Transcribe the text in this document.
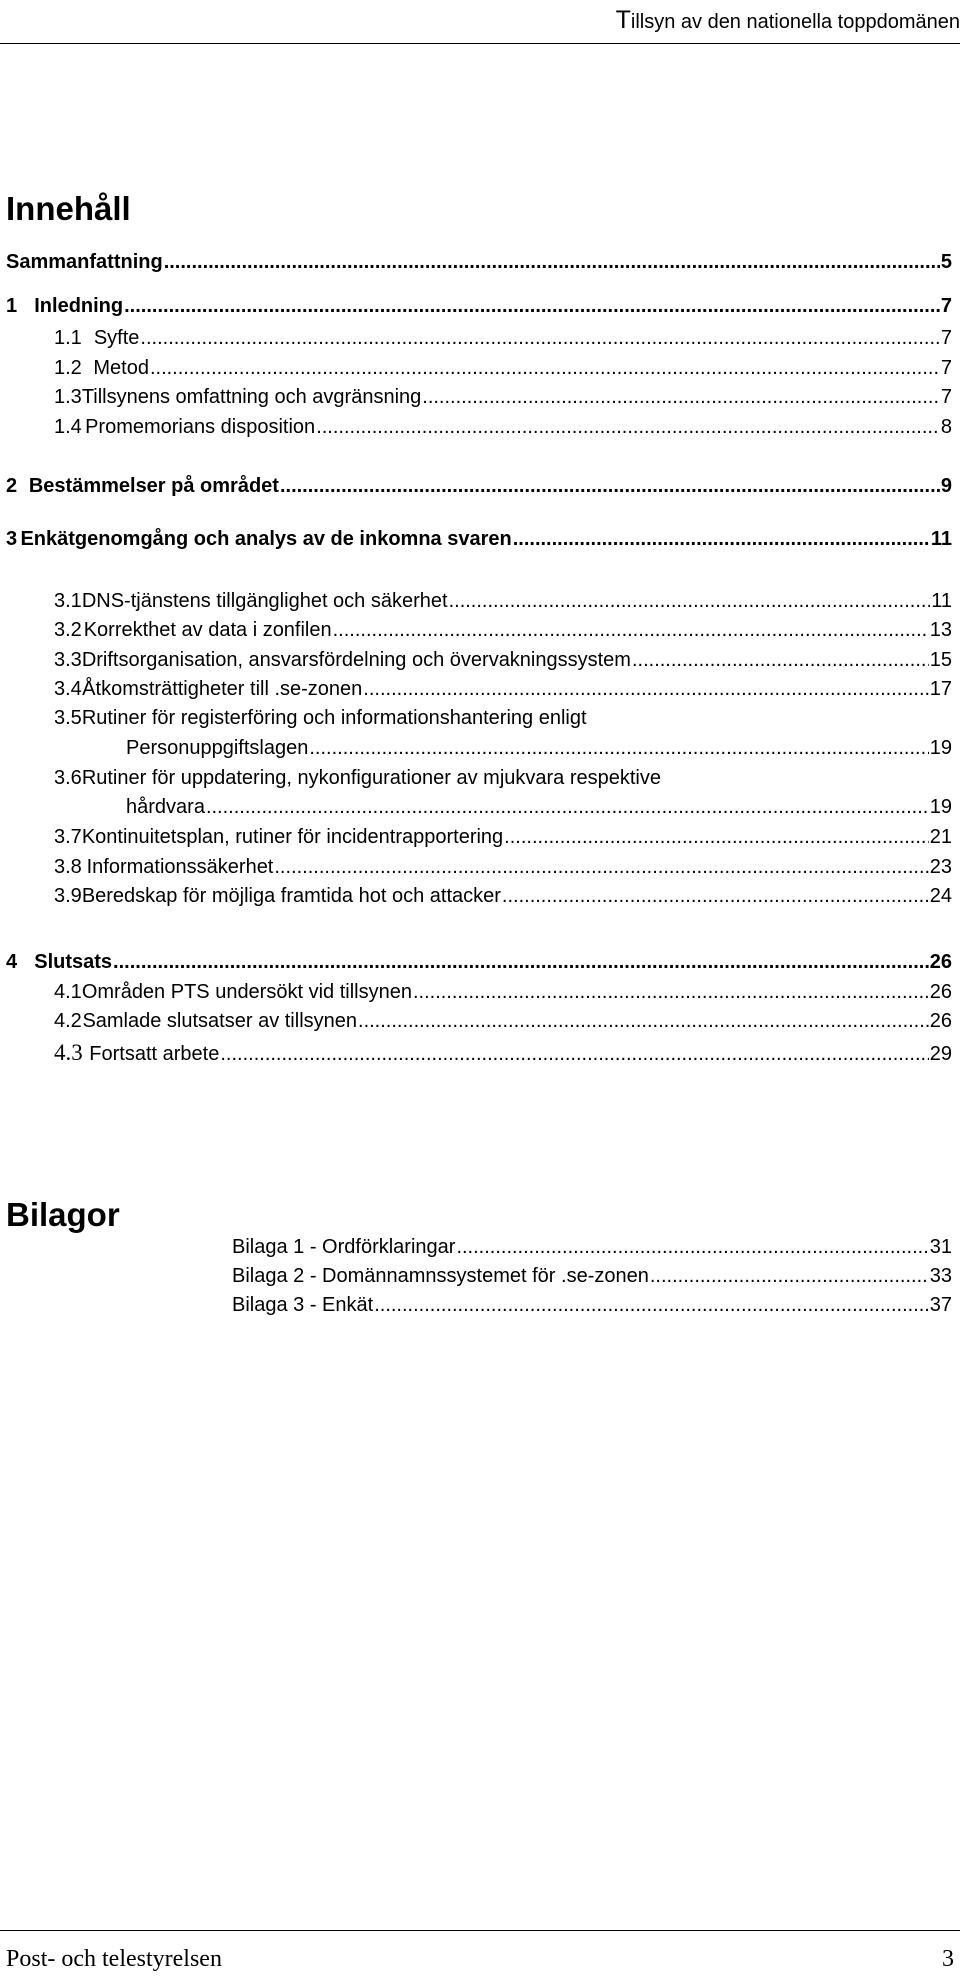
Tillsyn av den nationella toppdomänen
Innehåll
Sammanfattning .....	5
1 Inledning .....	7
1.1 Syfte .....	7
1.2 Metod .....	7
1.3 Tillsynens omfattning och avgränsning .....	7
1.4 Promemorians disposition .....	8
2 Bestämmelser på området .....	9
3 Enkätgenomgång och analys av de inkomna svaren .....	11
3.1 DNS-tjänstens tillgänglighet och säkerhet .....	11
3.2 Korrekthet av data i zonfilen .....	13
3.3 Driftsorganisation, ansvarsfördelning och övervakningssystem .....	15
3.4 Åtkomsträttigheter till .se-zonen .....	17
3.5Rutiner för registerföring och informationshantering enligt
Personuppgiftslagen .....	19
3.6Rutiner för uppdatering, nykonfigurationer av mjukvara respektive
hårdvara .....	19
3.7 Kontinuitetsplan, rutiner för incidentrapportering .....	21
3.8 Informationssäkerhet .....	23
3.9 Beredskap för möjliga framtida hot och attacker .....	24
4 Slutsats .....	26
4.1 Områden PTS undersökt vid tillsynen .....	26
4.2 Samlade slutsatser av tillsynen .....	26
4.3 Fortsatt arbete .....	29
Bilagor
Bilaga 1 - Ordförklaringar .....	31
Bilaga 2 - Domännamnssystemet för .se-zonen .....	33
Bilaga 3 - Enkät .....	37
Post- och telestyrelsen	3
